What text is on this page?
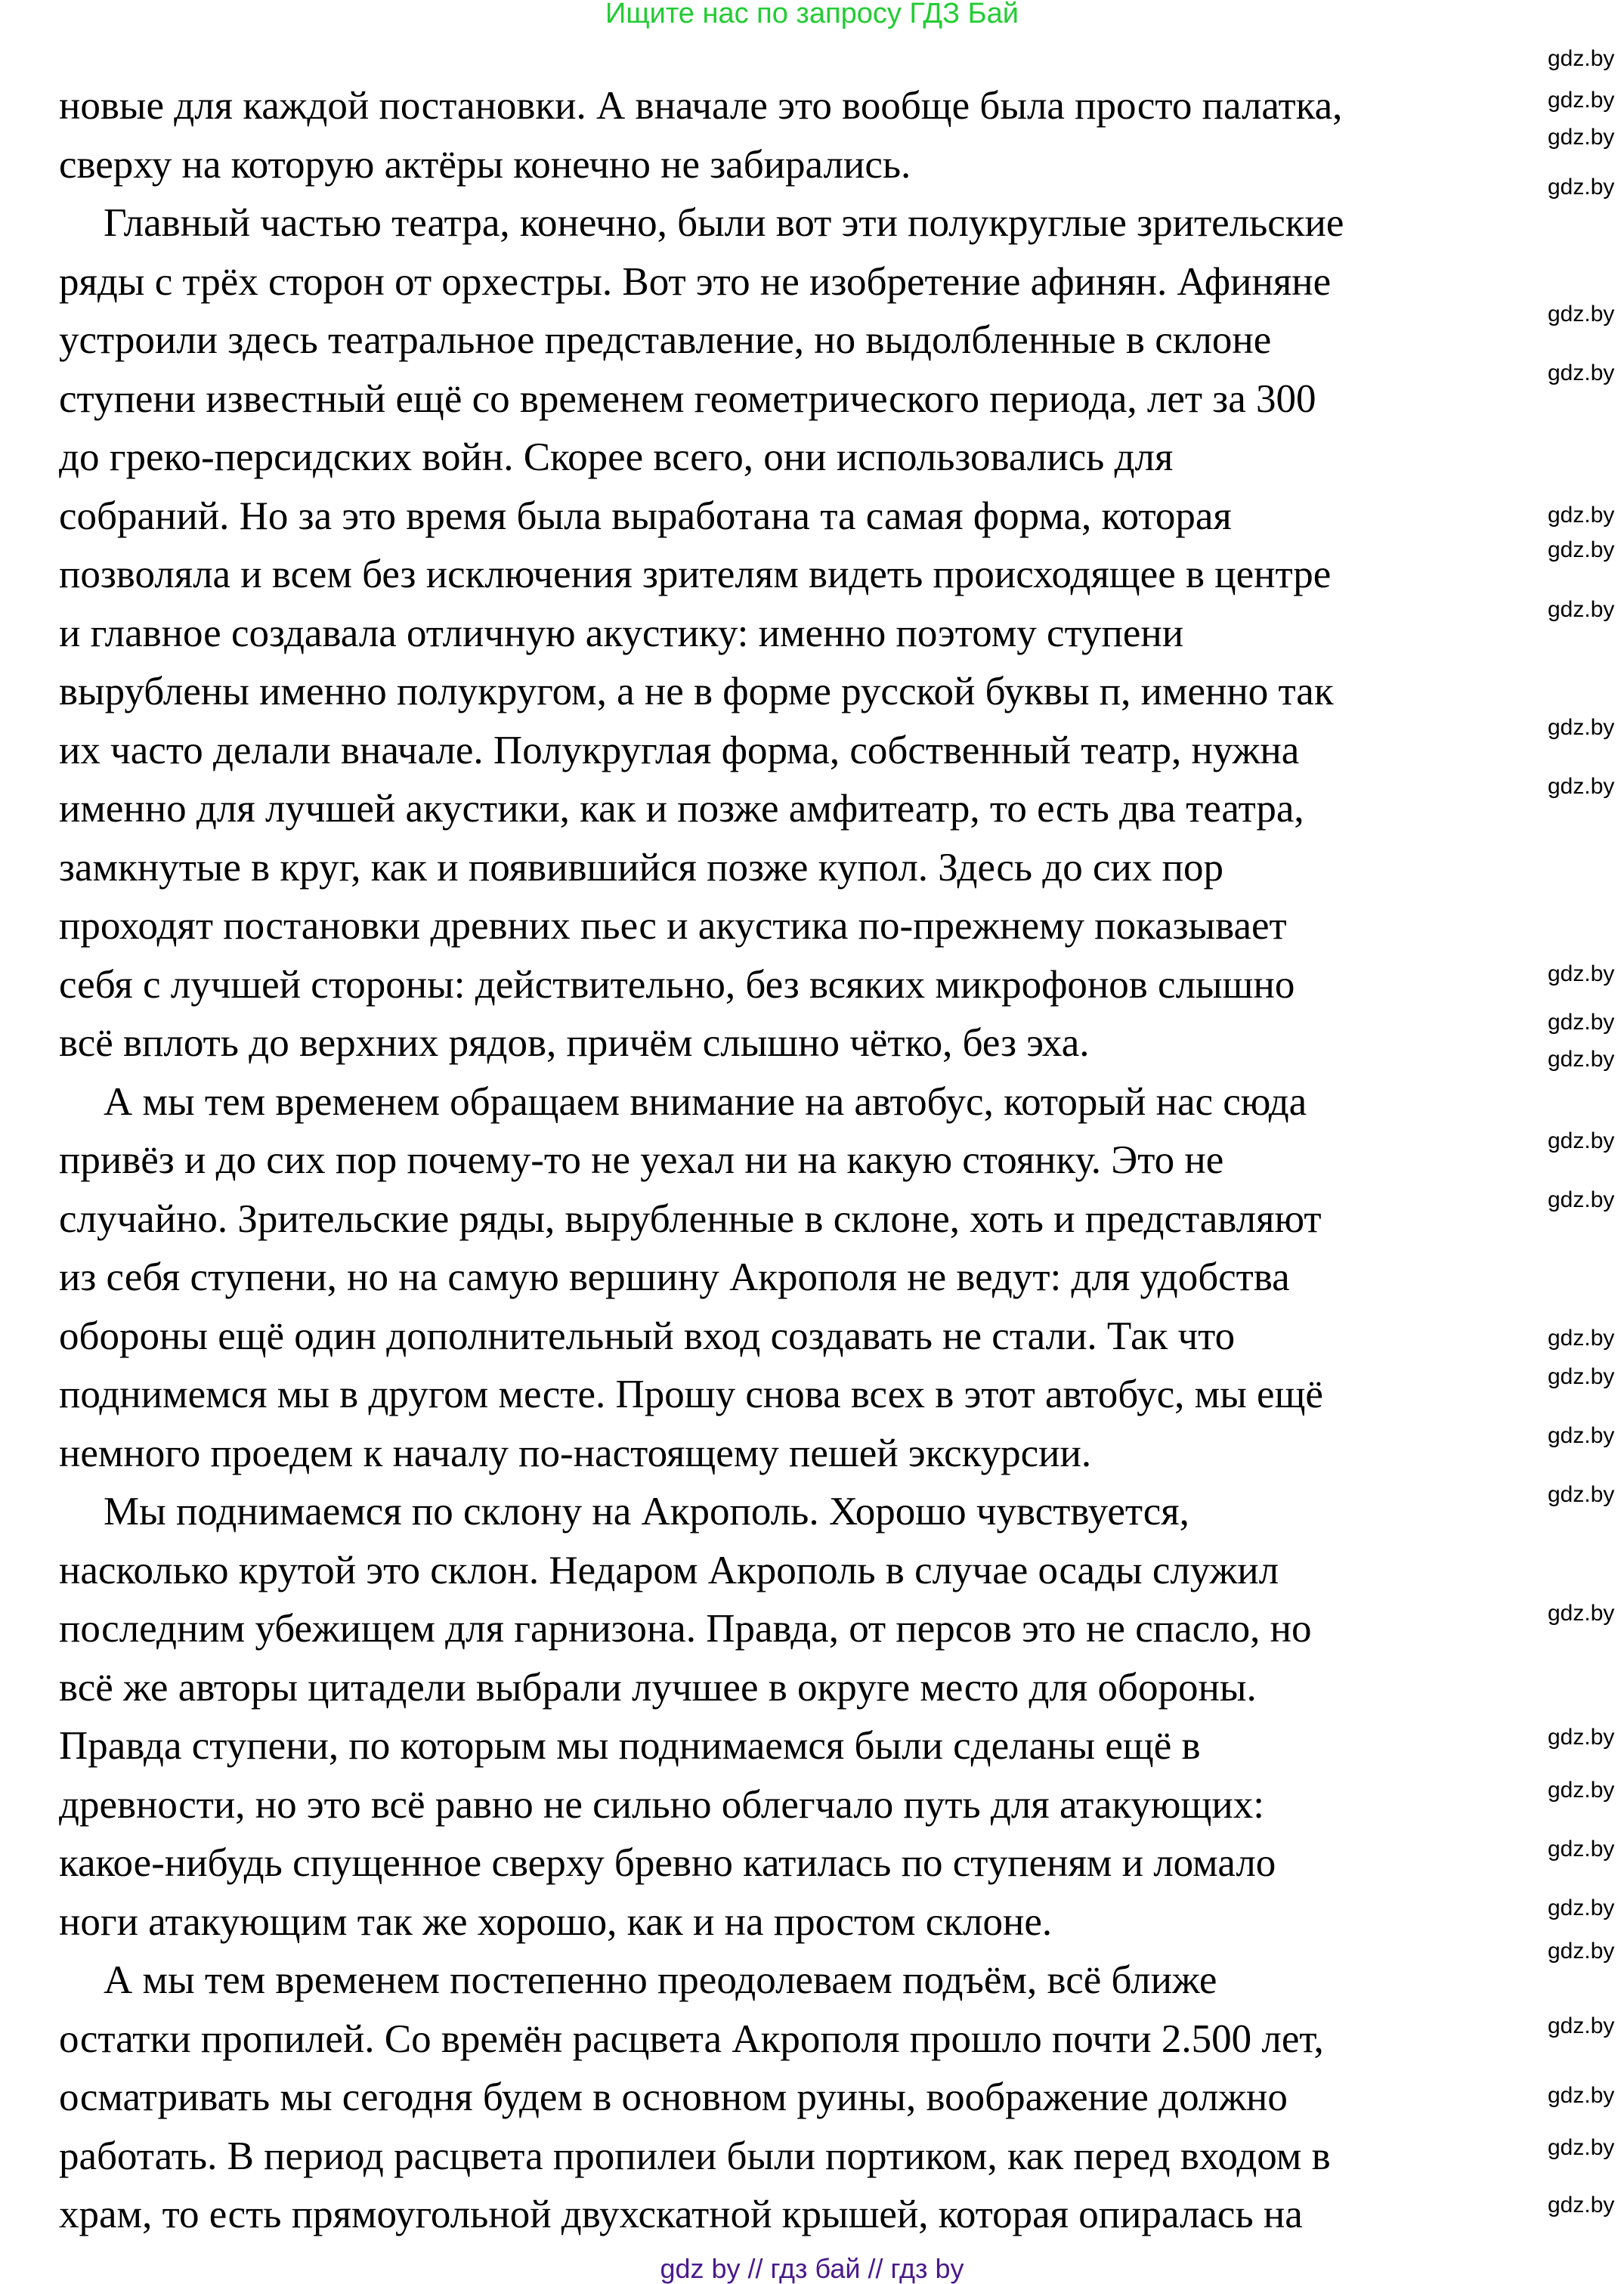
Ищите нас по запросу ГДЗ Бай
новые для каждой постановки. А вначале это вообще была просто палатка,
сверху на которую актёры конечно не забирались.
Главный частью театра, конечно, были вот эти полукруглые зрительские
ряды с трёх сторон от орхестры. Вот это не изобретение афинян. Афиняне
устроили здесь театральное представление, но выдолбленные в склоне
ступени известный ещё со временем геометрического периода, лет за 300
до греко-персидских войн. Скорее всего, они использовались для
собраний. Но за это время была выработана та самая форма, которая
позволяла и всем без исключения зрителям видеть происходящее в центре
и главное создавала отличную акустику: именно поэтому ступени
вырублены именно полукругом, а не в форме русской буквы п, именно так
их часто делали вначале. Полукруглая форма, собственный театр, нужна
именно для лучшей акустики, как и позже амфитеатр, то есть два театра,
замкнутые в круг, как и появившийся позже купол. Здесь до сих пор
проходят постановки древних пьес и акустика по-прежнему показывает
себя с лучшей стороны: действительно, без всяких микрофонов слышно
всё вплоть до верхних рядов, причём слышно чётко, без эха.
А мы тем временем обращаем внимание на автобус, который нас сюда
привёз и до сих пор почему-то не уехал ни на какую стоянку. Это не
случайно. Зрительские ряды, вырубленные в склоне, хоть и представляют
из себя ступени, но на самую вершину Акрополя не ведут: для удобства
обороны ещё один дополнительный вход создавать не стали. Так что
поднимемся мы в другом месте. Прошу снова всех в этот автобус, мы ещё
немного проедем к началу по-настоящему пешей экскурсии.
Мы поднимаемся по склону на Акрополь. Хорошо чувствуется,
насколько крутой это склон. Недаром Акрополь в случае осады служил
последним убежищем для гарнизона. Правда, от персов это не спасло, но
всё же авторы цитадели выбрали лучшее в округе место для обороны.
Правда ступени, по которым мы поднимаемся были сделаны ещё в
древности, но это всё равно не сильно облегчало путь для атакующих:
какое-нибудь спущенное сверху бревно катилась по ступеням и ломало
ноги атакующим так же хорошо, как и на простом склоне.
А мы тем временем постепенно преодолеваем подъём, всё ближе
остатки пропилей. Со времён расцвета Акрополя прошло почти 2.500 лет,
осматривать мы сегодня будем в основном руины, воображение должно
работать. В период расцвета пропилеи были портиком, как перед входом в
храм, то есть прямоугольной двухскатной крышей, которая опиралась на
gdz.by
gdz.by
gdz.by
gdz.by
gdz.by
gdz.by
gdz.by
gdz.by
gdz.by
gdz.by
gdz.by
gdz.by
gdz.by
gdz.by
gdz.by
gdz.by
gdz.by
gdz.by
gdz.by
gdz.by
gdz.by
gdz.by
gdz.by
gdz.by
gdz.by
gdz.by
gdz.by
gdz.by
gdz.by
gdz.by
gdz by // гдз бай // гдз by
